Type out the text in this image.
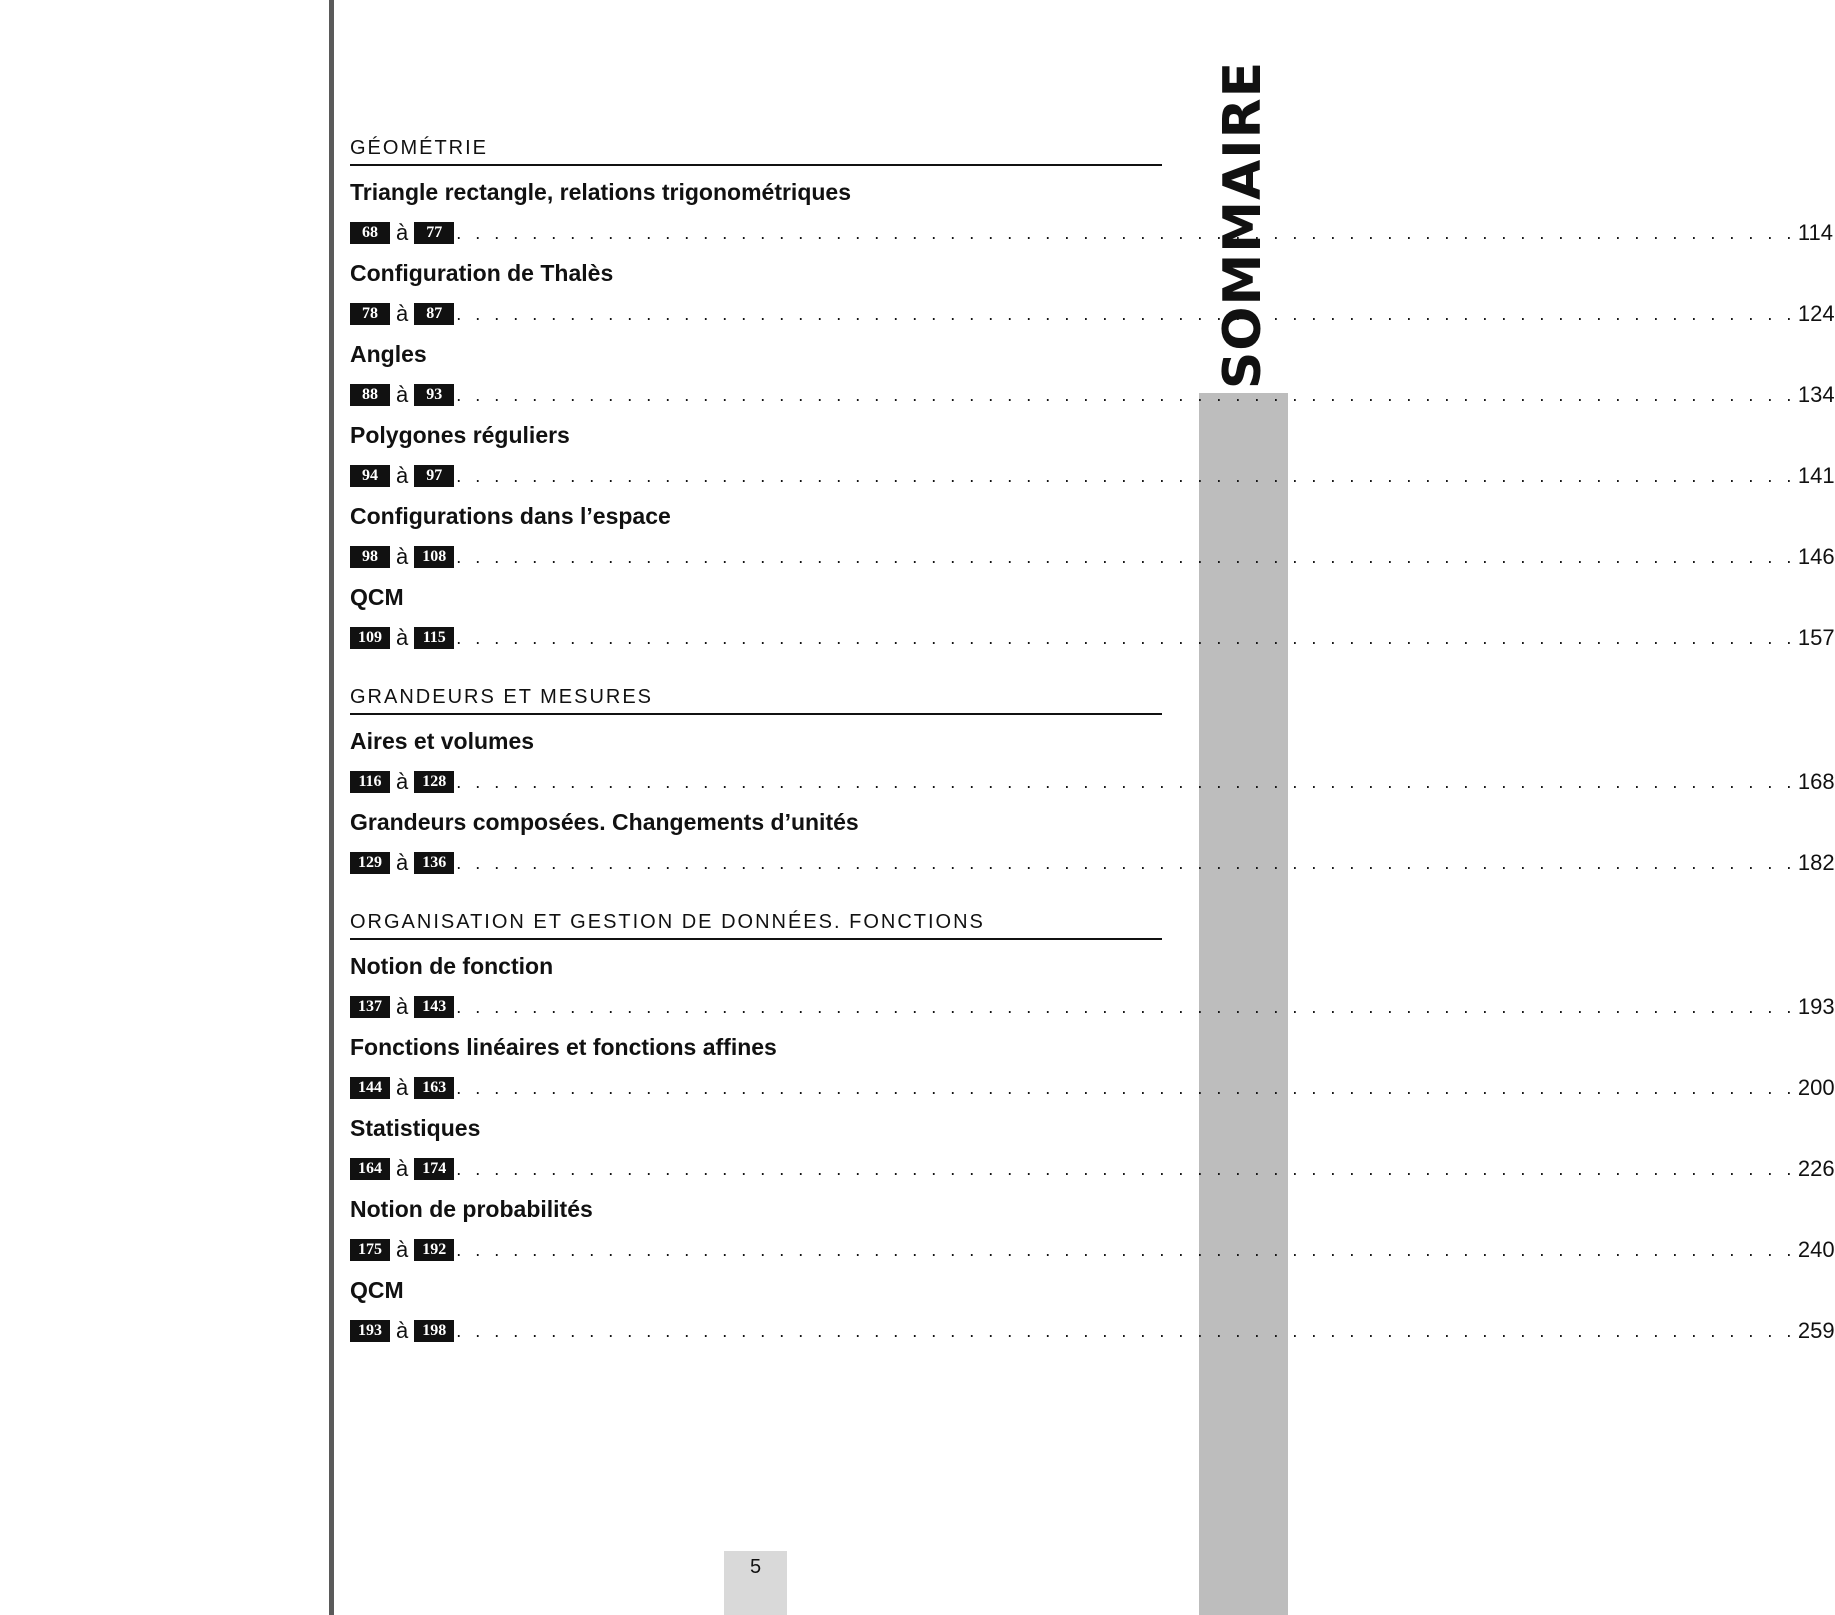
SOMMAIRE
GÉOMÉTRIE
Triangle rectangle, relations trigonométriques
68 à	77 . . . . . . . . . . . . . . . . . . . . . . . . . . . . . . . . . . . . . . . . . . . . . . . . . . . . . . . . . . . . . . . . . . . . . . . 114
Configuration de Thalès
78 à	87 . . . . . . . . . . . . . . . . . . . . . . . . . . . . . . . . . . . . . . . . . . . . . . . . . . . . . . . . . . . . . . . . . . . . . . . 124
Angles
88 à	93 . . . . . . . . . . . . . . . . . . . . . . . . . . . . . . . . . . . . . . . . . . . . . . . . . . . . . . . . . . . . . . . . . . . . . . . 134
Polygones réguliers
94 à	97 . . . . . . . . . . . . . . . . . . . . . . . . . . . . . . . . . . . . . . . . . . . . . . . . . . . . . . . . . . . . . . . . . . . . . . . 141
Configurations dans l’espace
98 à 108 . . . . . . . . . . . . . . . . . . . . . . . . . . . . . . . . . . . . . . . . . . . . . . . . . . . . . . . . . . . . . . . . . . . . . . . 146
QCM
109 à 115 . . . . . . . . . . . . . . . . . . . . . . . . . . . . . . . . . . . . . . . . . . . . . . . . . . . . . . . . . . . . . . . . . . . . . . . 157
GRANDEURS ET MESURES
Aires et volumes
116 à 128 . . . . . . . . . . . . . . . . . . . . . . . . . . . . . . . . . . . . . . . . . . . . . . . . . . . . . . . . . . . . . . . . . . . . . . . 168
Grandeurs composées. Changements d’unités
129 à 136 . . . . . . . . . . . . . . . . . . . . . . . . . . . . . . . . . . . . . . . . . . . . . . . . . . . . . . . . . . . . . . . . . . . . . . . 182
ORGANISATION ET GESTION DE DONNÉES. FONCTIONS
Notion de fonction
137 à 143 . . . . . . . . . . . . . . . . . . . . . . . . . . . . . . . . . . . . . . . . . . . . . . . . . . . . . . . . . . . . . . . . . . . . . . . 193
Fonctions linéaires et fonctions affines
144 à 163 . . . . . . . . . . . . . . . . . . . . . . . . . . . . . . . . . . . . . . . . . . . . . . . . . . . . . . . . . . . . . . . . . . . . . . . 200
Statistiques
164 à 174 . . . . . . . . . . . . . . . . . . . . . . . . . . . . . . . . . . . . . . . . . . . . . . . . . . . . . . . . . . . . . . . . . . . . . . . 226
Notion de probabilités
175 à 192 . . . . . . . . . . . . . . . . . . . . . . . . . . . . . . . . . . . . . . . . . . . . . . . . . . . . . . . . . . . . . . . . . . . . . . . 240
QCM
193 à 198 . . . . . . . . . . . . . . . . . . . . . . . . . . . . . . . . . . . . . . . . . . . . . . . . . . . . . . . . . . . . . . . . . . . . . . . 259
5
